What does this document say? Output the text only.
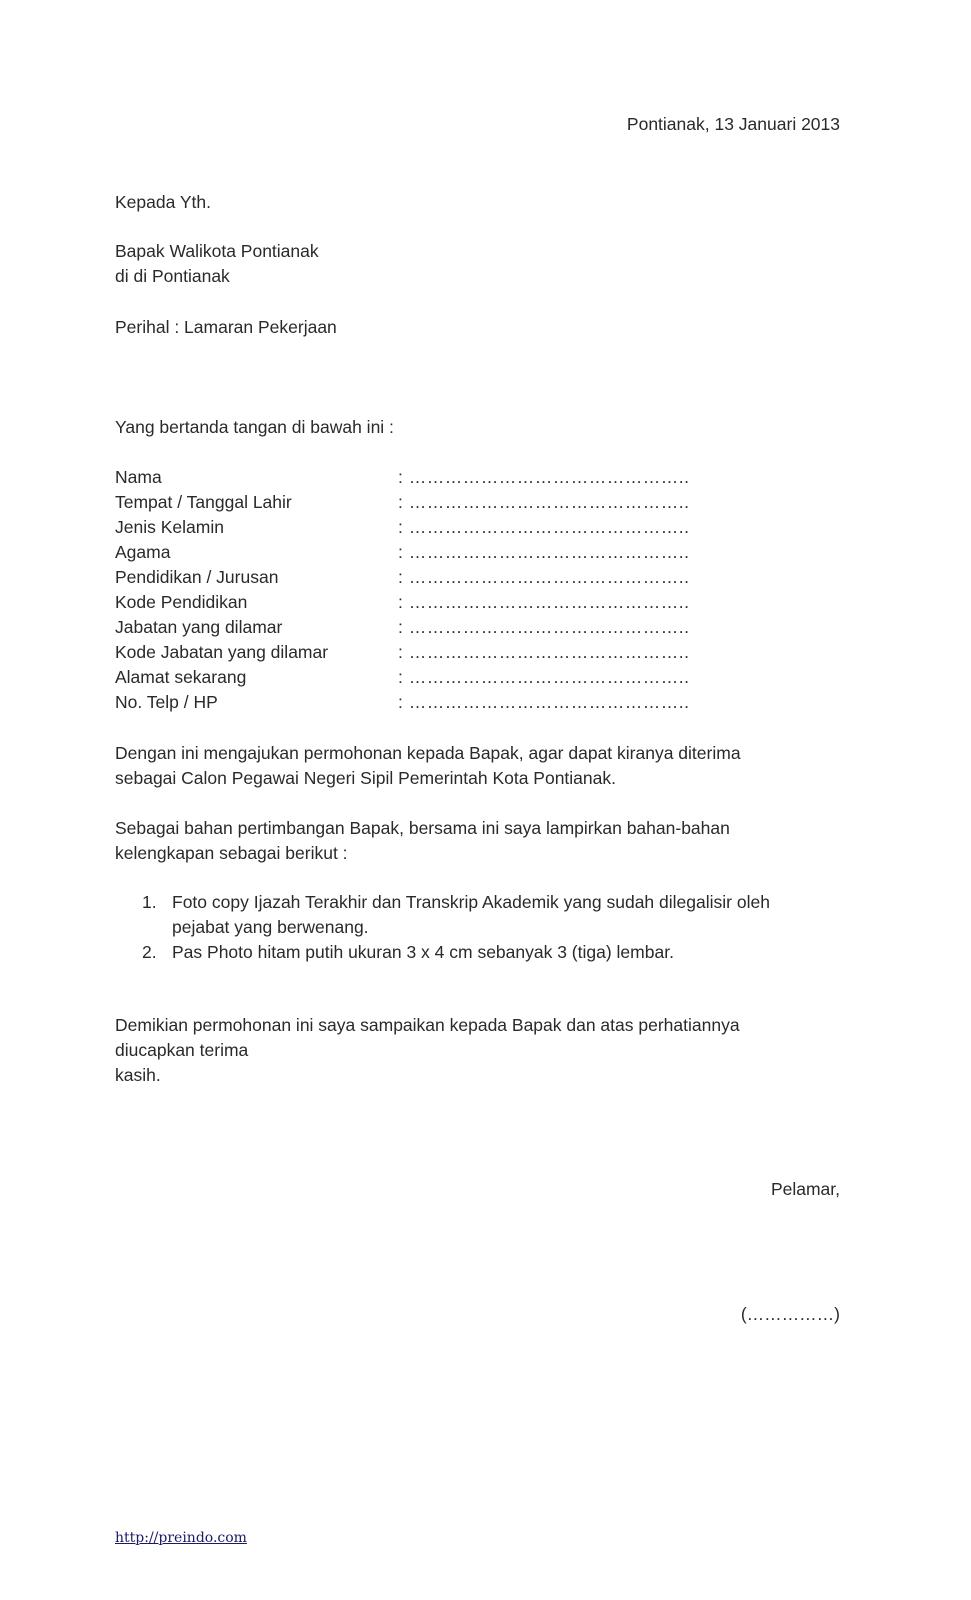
Pontianak, 13 Januari 2013
Kepada Yth.
Bapak Walikota Pontianak
di di Pontianak
Perihal : Lamaran Pekerjaan
Yang bertanda tangan di bawah ini :
Nama	: ………………………………………..
Tempat / Tanggal Lahir	: ………………………………………..
Jenis Kelamin	: ………………………………………..
Agama	: ………………………………………..
Pendidikan / Jurusan	: ………………………………………..
Kode Pendidikan	: ………………………………………..
Jabatan yang dilamar	: ………………………………………..
Kode Jabatan yang dilamar	: ………………………………………..
Alamat sekarang	: ………………………………………..
No. Telp / HP	: ………………………………………..
Dengan ini mengajukan permohonan kepada Bapak, agar dapat kiranya diterima
sebagai Calon Pegawai Negeri Sipil Pemerintah Kota Pontianak.
Sebagai bahan pertimbangan Bapak, bersama ini saya lampirkan bahan-bahan
kelengkapan sebagai berikut :
1. Foto copy Ijazah Terakhir dan Transkrip Akademik yang sudah dilegalisir oleh
pejabat yang berwenang.
2. Pas Photo hitam putih ukuran 3 x 4 cm sebanyak 3 (tiga) lembar.
Demikian permohonan ini saya sampaikan kepada Bapak dan atas perhatiannya
diucapkan terima
kasih.
Pelamar,
(……………)
http://preindo.com
